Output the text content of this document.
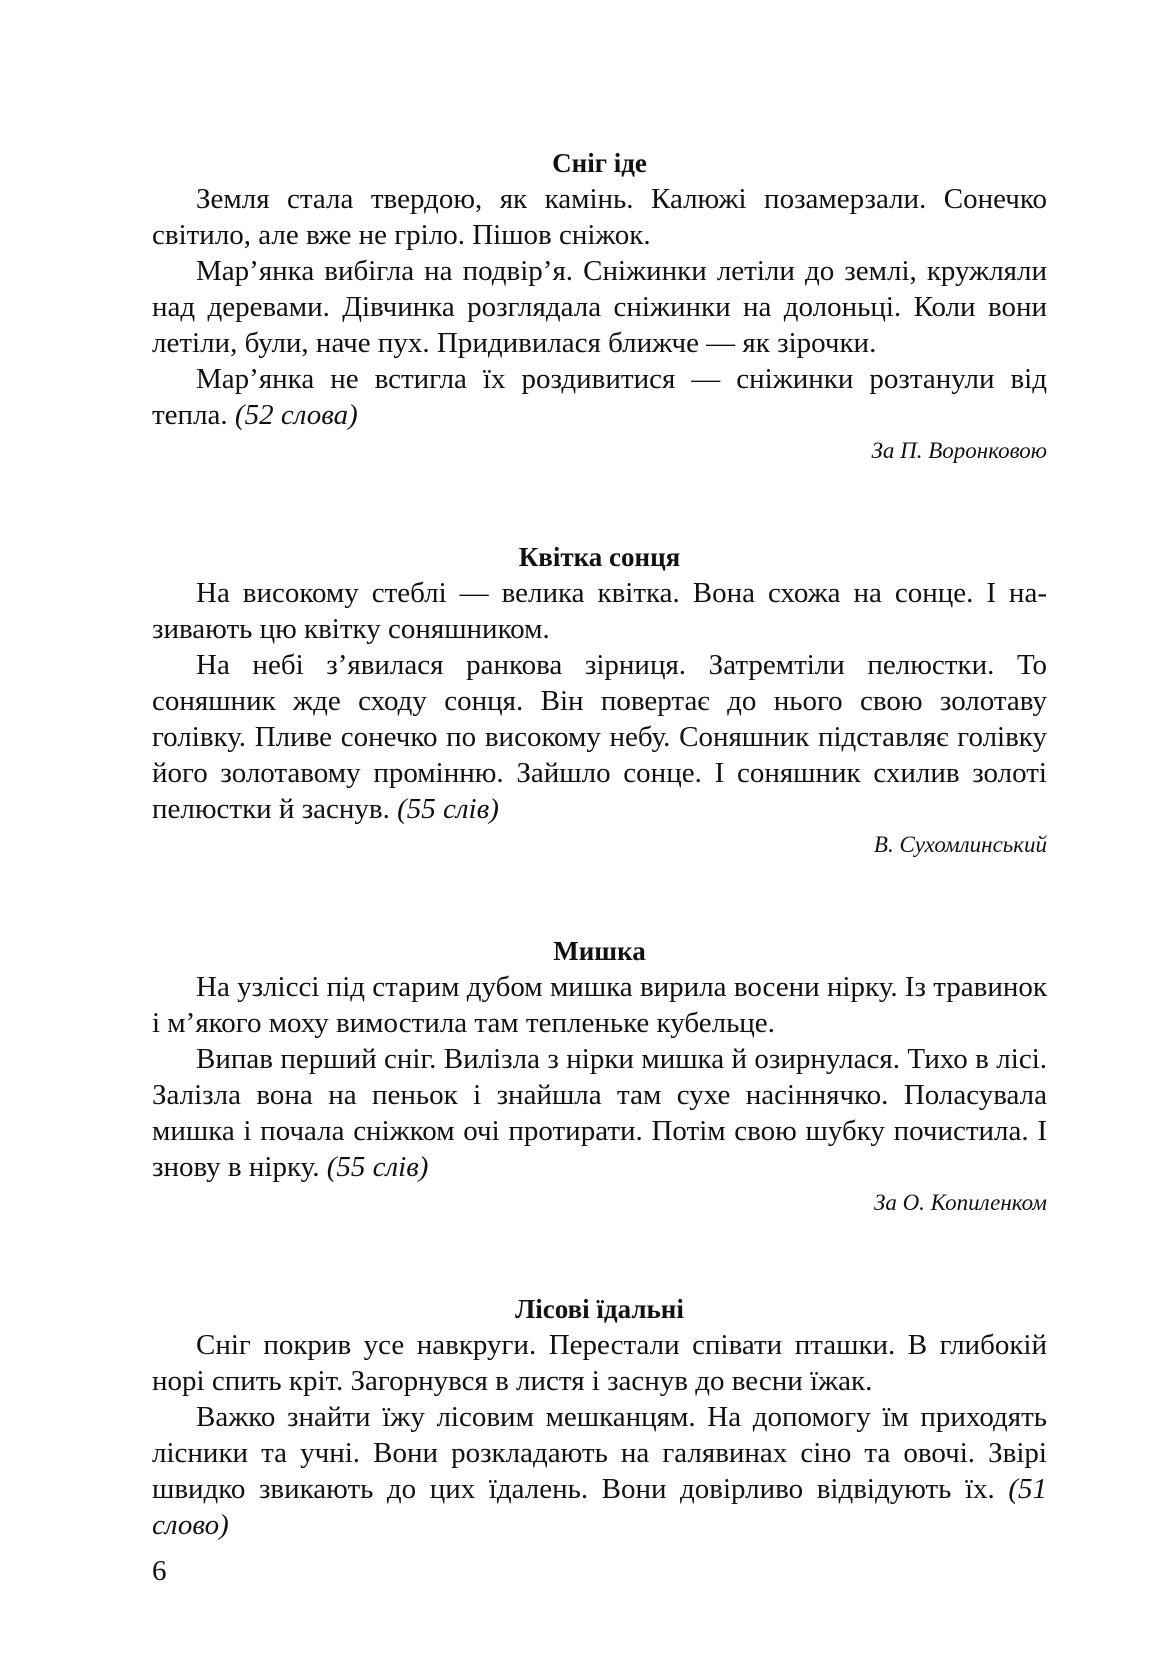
Сніг іде

Земля стала твердою, як камінь. Калюжі позамерзали. Сонечко світило, але вже не гріло. Пішов сніжок.

Мар’янка вибігла на подвір’я. Сніжинки летіли до землі, кружляли над деревами. Дівчинка розглядала сніжинки на долоньці. Коли вони летіли, були, наче пух. Придивилася ближче — як зірочки.

Мар’янка не встигла їх роздивитися — сніжинки розтанули від тепла. (52 слова)

За П. Воронковою

Квітка сонця

На високому стеблі — велика квітка. Вона схожа на сонце. І називають цю квітку соняшником.

На небі з’явилася ранкова зірниця. Затремтіли пелюстки. То соняшник жде сходу сонця. Він повертає до нього свою золотаву голівку. Пливе сонечко по високому небу. Соняшник підставляє голівку його золотавому промінню. Зайшло сонце. І соняшник схилив золоті пелюстки й заснув. (55 слів)

В. Сухомлинський

Мишка

На узліссі під старим дубом мишка вирила восени нірку. Із травинок і м’якого моху вимостила там тепленьке кубельце.

Випав перший сніг. Вилізла з нірки мишка й озирнулася. Тихо в лісі. Залізла вона на пеньок і знайшла там сухе насіннячко. Поласувала мишка і почала сніжком очі протирати. Потім свою шубку почистила. І знову в нірку. (55 слів)

За О. Копиленком

Лісові їдальні

Сніг покрив усе навкруги. Перестали співати пташки. В глибокій норі спить кріт. Загорнувся в листя і заснув до весни їжак.

Важко знайти їжу лісовим мешканцям. На допомогу їм приходять лісники та учні. Вони розкладають на галявинах сіно та овочі. Звірі швидко звикають до цих їдалень. Вони довірливо відвідують їх. (51 слово)

6
